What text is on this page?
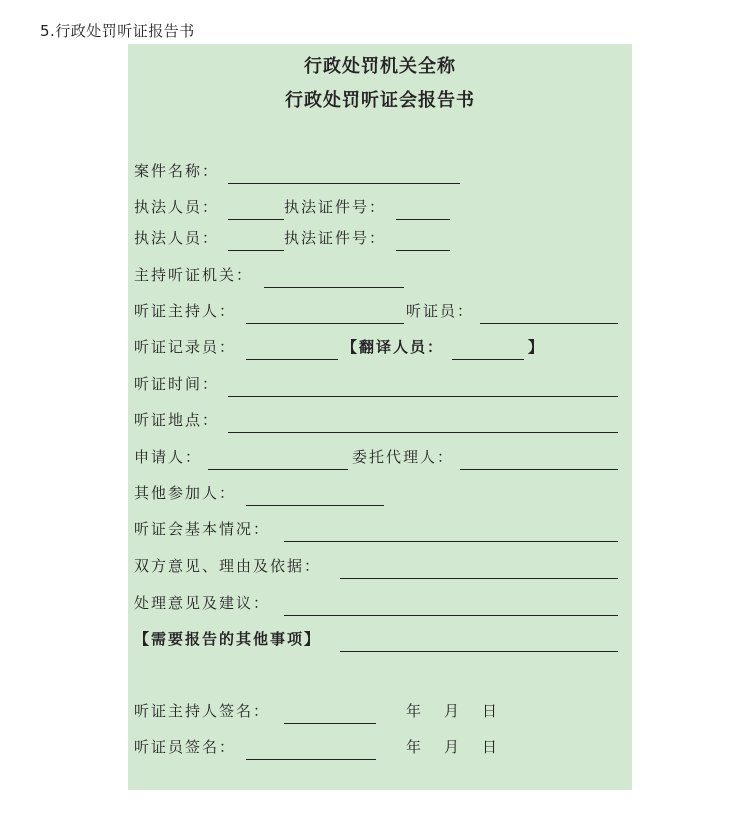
5.行政处罚听证报告书
行政处罚机关全称
行政处罚听证会报告书
案件名称：
执法人员：	执法证件号：
执法人员：	执法证件号：
主持听证机关：
听证主持人：	听证员：
听证记录员：	【翻译人员：	】
听证时间：
听证地点：
申请人：	委托代理人：
其他参加人：
听证会基本情况：
双方意见、理由及依据：
处理意见及建议：
【需要报告的其他事项】
听证主持人签名：	年 月 日
听证员签名：	年 月 日
